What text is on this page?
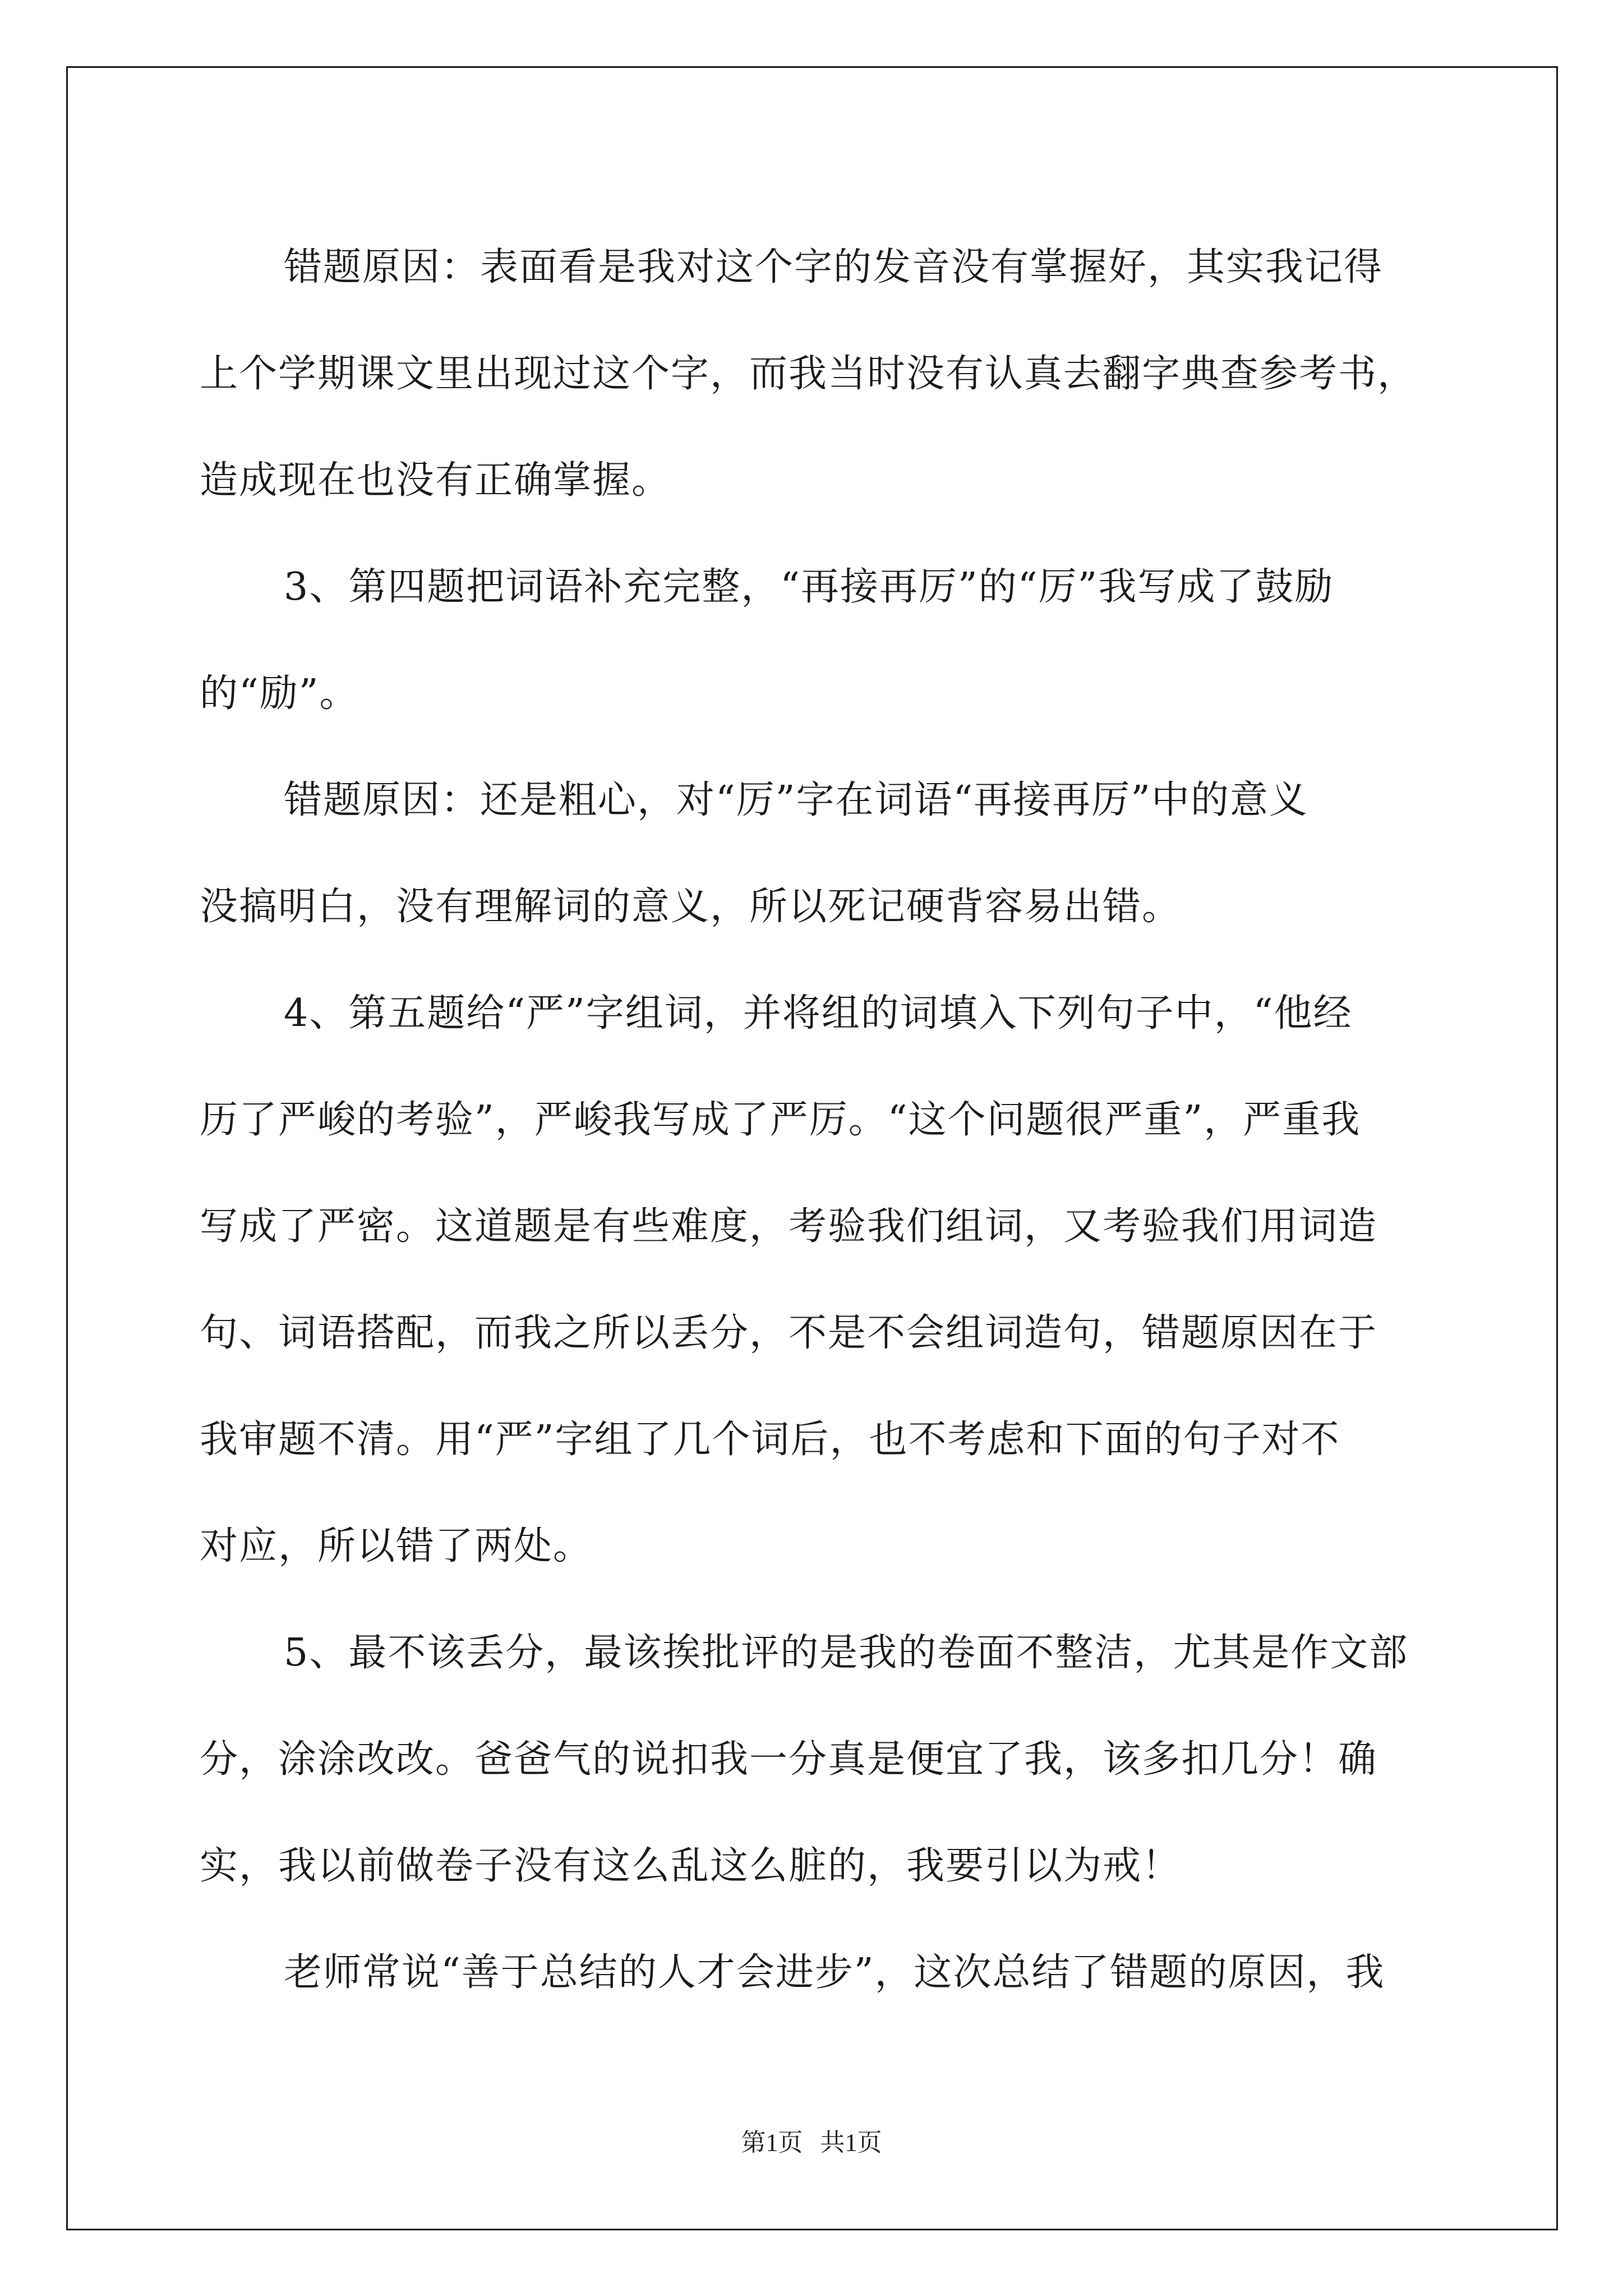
错题原因：表面看是我对这个字的发音没有掌握好，其实我记得
上个学期课文里出现过这个字，而我当时没有认真去翻字典查参考书，
造成现在也没有正确掌握。

3、第四题把词语补充完整，“再接再厉”的“厉”我写成了鼓励
的“励”。

错题原因：还是粗心，对“厉”字在词语“再接再厉”中的意义
没搞明白，没有理解词的意义，所以死记硬背容易出错。

4、第五题给“严”字组词，并将组的词填入下列句子中，“他经
历了严峻的考验”，严峻我写成了严厉。“这个问题很严重”，严重我
写成了严密。这道题是有些难度，考验我们组词，又考验我们用词造
句、词语搭配，而我之所以丢分，不是不会组词造句，错题原因在于
我审题不清。用“严”字组了几个词后，也不考虑和下面的句子对不
对应，所以错了两处。

5、最不该丢分，最该挨批评的是我的卷面不整洁，尤其是作文部
分，涂涂改改。爸爸气的说扣我一分真是便宜了我，该多扣几分！确
实，我以前做卷子没有这么乱这么脏的，我要引以为戒！

老师常说“善于总结的人才会进步”，这次总结了错题的原因，我

第1页 共1页
